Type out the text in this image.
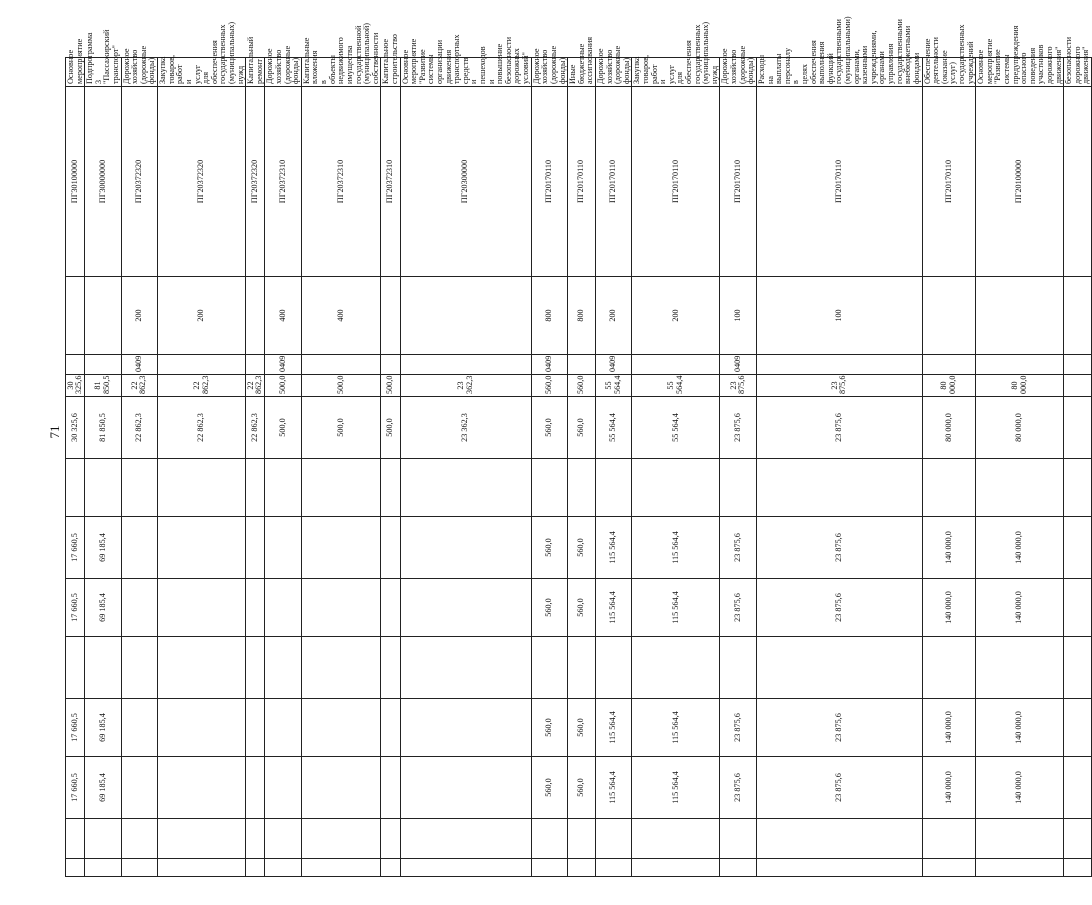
71
		17 660,5	17 660,5		17 660,5	17 660,5		30 325,6	30 325,6			ПГ30100000	Основное мероприятие
		69 185,4	69 185,4		69 185,4	69 185,4		81 850,5	81 850,5			ПГ30000000	Подпрограмма 3 "Пассажирский транспорт"
								22 862,3	22 862,3	0409	200	ПГ20372320	Дорожное хозяйство (дорожные фонды)
								22 862,3	22 862,3		200	ПГ20372320	Закупка товаров, работ и услуг для обеспечения государственных (муниципальных) нужд
								22 862,3	22 862,3			ПГ20372320	Капитальный ремонт
								500,0	500,0	0409	400	ПГ20372310	Дорожное хозяйство (дорожные фонды)
								500,0	500,0		400	ПГ20372310	Капитальные вложения в объекты недвижимого имущества государственной (муниципальной) собственности
								500,0	500,0			ПГ20372310	Капитальное строительство
								23 362,3	23 362,3			ПГ20300000	Основное мероприятие "Развитие системы организации движения транспортных средств и пешеходов и повышение безопасности дорожных условий"
		560,0	560,0		560,0	560,0		560,0	560,0	0409	800	ПГ20170110	Дорожное хозяйство (дорожные фонды)
		560,0	560,0		560,0	560,0		560,0	560,0		800	ПГ20170110	Иные бюджетные ассигнования
		115 564,4	115 564,4		115 564,4	115 564,4		55 564,4	55 564,4	0409	200	ПГ20170110	Дорожное хозяйство (дорожные фонды)
		115 564,4	115 564,4		115 564,4	115 564,4		55 564,4	55 564,4		200	ПГ20170110	Закупка товаров, работ и услуг для обеспечения государственных (муниципальных) нужд
		23 875,6	23 875,6		23 875,6	23 875,6		23 875,6	23 875,6	0409	100	ПГ20170110	Дорожное хозяйство (дорожные фонды)
		23 875,6	23 875,6		23 875,6	23 875,6		23 875,6	23 875,6		100	ПГ20170110	Расходы на выплаты персоналу в целях обеспечения выполнения функций государственными (муниципальными) органами, казенными учреждениями, органами управления государственными внебюджетными фондами
		140 000,0	140 000,0		140 000,0	140 000,0		80 000,0	80 000,0			ПГ20170110	Обеспечение деятельности (оказание услуг) государственных учреждений
		140 000,0	140 000,0		140 000,0	140 000,0		80 000,0	80 000,0			ПГ20100000	Основное мероприятие "Развитие системы предупреждения опасного поведения участников дорожного движения"
													безопасности дорожного движения"
